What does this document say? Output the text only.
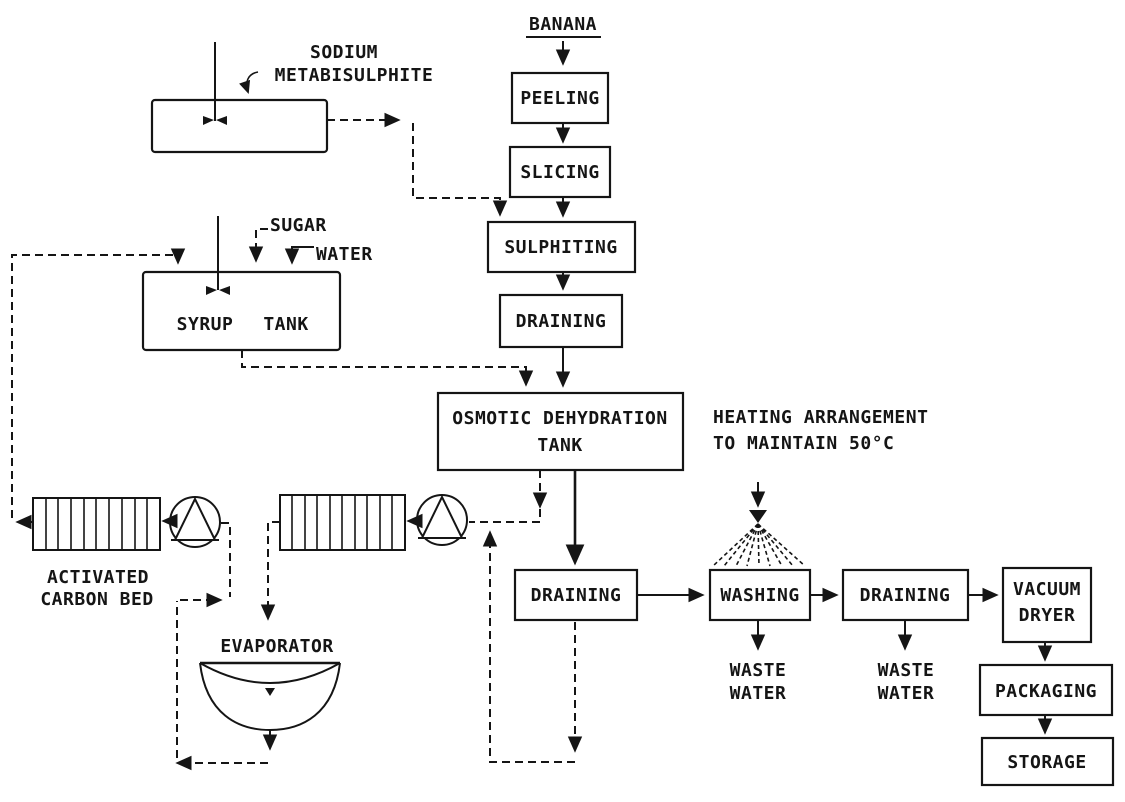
BANANA
PEELING
SLICING
SULPHITING
DRAINING
OSMOTIC DEHYDRATION
TANK
HEATING ARRANGEMENT
TO MAINTAIN 50°C
SODIUM
METABISULPHITE
SYRUP TANK
SUGAR
WATER
DRAINING	WASHING
WASTE
WATER
DRAINING
WASTE
WATER
VACUUM
DRYER
PACKAGING
STORAGE
ACTIVATED
CARBON BED
EVAPORATOR
